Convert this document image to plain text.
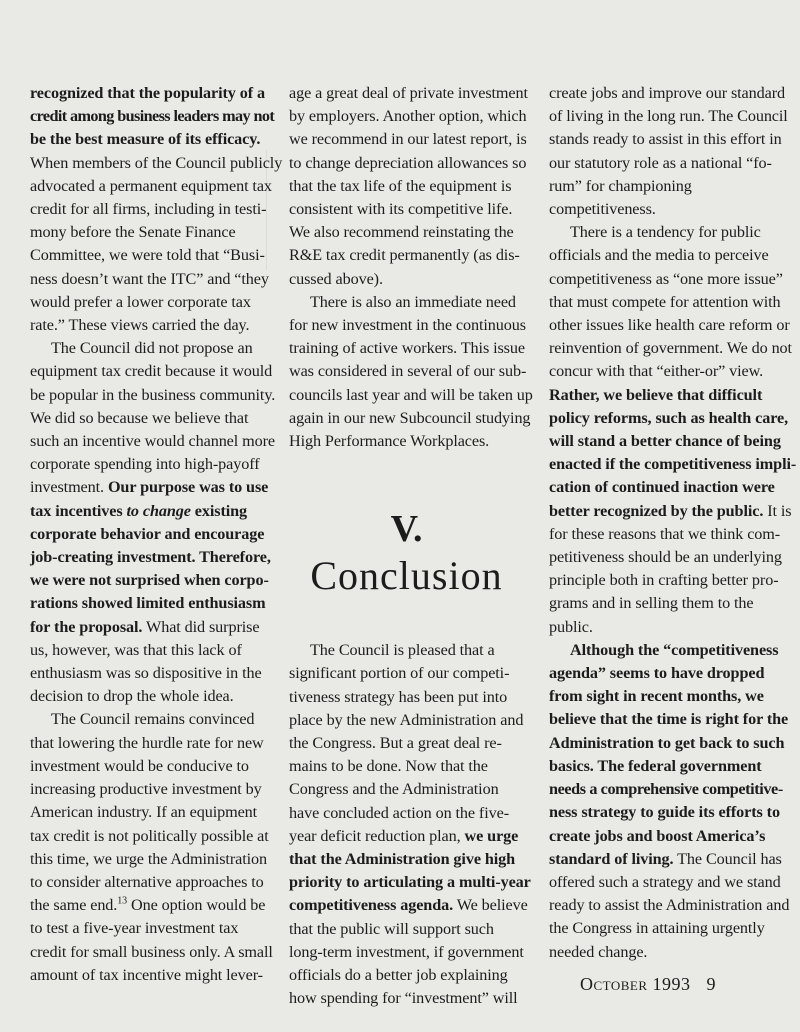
recognized that the popularity of a
credit among business leaders may not
be the best measure of its efficacy.

When members of the Council publicly
advocated a permanent equipment tax
credit for all firms, including in testi-
mony before the Senate Finance
Committee, we were told that “Busi-
ness doesn’t want the ITC” and “they
would prefer a lower corporate tax
rate.” These views carried the day.

The Council did not propose an
equipment tax credit because it would
be popular in the business community.
We did so because we believe that
such an incentive would channel more
corporate spending into high-payoff
investment. Our purpose was to use
tax incentives to change existing
corporate behavior and encourage
job-creating investment. Therefore,
we were not surprised when corpo-
rations showed limited enthusiasm
for the proposal. What did surprise
us, however, was that this lack of
enthusiasm was so dispositive in the
decision to drop the whole idea.

The Council remains convinced
that lowering the hurdle rate for new
investment would be conducive to
increasing productive investment by
American industry. If an equipment
tax credit is not politically possible at
this time, we urge the Administration
to consider alternative approaches to
the same end.$^{13}$ One option would be
to test a five-year investment tax
credit for small business only. A small
amount of tax incentive might lever-

age a great deal of private investment
by employers. Another option, which
we recommend in our latest report, is
to change depreciation allowances so
that the tax life of the equipment is
consistent with its competitive life.
We also recommend reinstating the
R&E tax credit permanently (as dis-
cussed above).

There is also an immediate need
for new investment in the continuous
training of active workers. This issue
was considered in several of our sub-
councils last year and will be taken up
again in our new Subcouncil studying
High Performance Workplaces.

V.
Conclusion

The Council is pleased that a
significant portion of our competi-
tiveness strategy has been put into
place by the new Administration and
the Congress. But a great deal re-
mains to be done. Now that the
Congress and the Administration
have concluded action on the five-
year deficit reduction plan, we urge
that the Administration give high
priority to articulating a multi-year
competitiveness agenda. We believe
that the public will support such
long-term investment, if government
officials do a better job explaining
how spending for “investment” will

create jobs and improve our standard
of living in the long run. The Council
stands ready to assist in this effort in
our statutory role as a national “fo-
rum” for championing
competitiveness.

There is a tendency for public
officials and the media to perceive
competitiveness as “one more issue”
that must compete for attention with
other issues like health care reform or
reinvention of government. We do not
concur with that “either-or” view.
Rather, we believe that difficult
policy reforms, such as health care,
will stand a better chance of being
enacted if the competitiveness impli-
cation of continued inaction were
better recognized by the public. It is
for these reasons that we think com-
petitiveness should be an underlying
principle both in crafting better pro-
grams and in selling them to the
public.

Although the “competitiveness
agenda” seems to have dropped
from sight in recent months, we
believe that the time is right for the
Administration to get back to such
basics. The federal government
needs a comprehensive competitive-
ness strategy to guide its efforts to
create jobs and boost America’s
standard of living. The Council has
offered such a strategy and we stand
ready to assist the Administration and
the Congress in attaining urgently
needed change.

October 1993 9
